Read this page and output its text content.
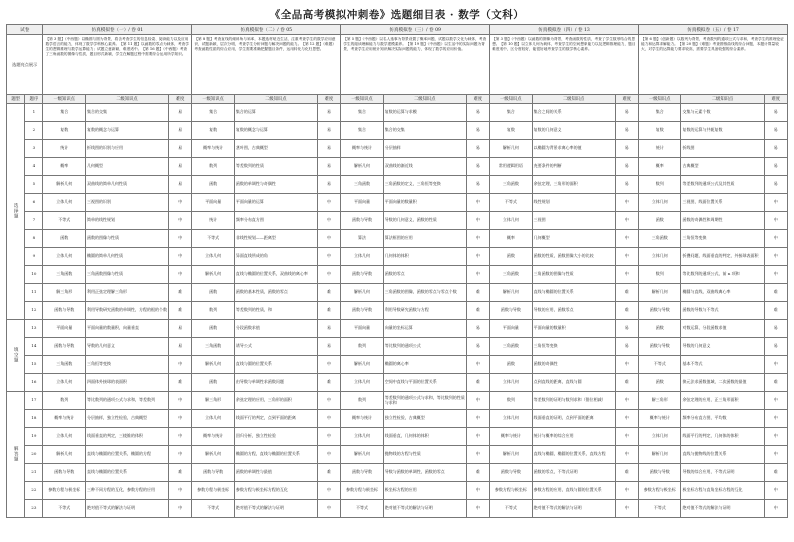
《全品高考模拟冲刺卷》选题细目表 · 数学（文科）
试卷		仿真模拟卷（一）/ 卷 01			仿真模拟卷（二）/ 卷 05			仿真模拟卷（三）/ 卷 09			仿真模拟卷（四）/ 卷 13			仿真模拟卷（五）/ 卷 17		
选题亮点展示		【第 3 题】《中西题》以椭圆与圆为背景，将含考查学生的信息检索、阅读能力以及应用数学语言的能力，体现了数学学科核心素养。【第 11 题】以函数的零点为载体，考查学生的逻辑推理与数学运算能力；试题立意新颖，难度适中。【第 16 题】《中西题》考查了三角函数的图像与性质，题目形式新颖，学生在解题过程中需要综合运用所学知识。			【第 8 题】考查直线的倾斜角与斜率，本题选材贴近生活，注重考查学生的数学应用意识，试题新颖，层次分明，考查学生分析问题与解决问题的能力。【第 12 题】《难题》考查函数性质的综合应用，学生需要准确把握题目条件，运用转化与化归思想。			【第 5 题】《中西题》以名人逸事为背景设置了概率问题，试题以数学文化为载体，考查学生的阅读理解能力与数学建模素养。【第 19 题】《中西题》以生活中的实际问题为背景，考查学生应用统计知识解决实际问题的能力，体现了数学的应用价值。			【第 3 题】《中西题》以函数的图像为背景，考查函数的性质，考查了学生数形结合的思想。【第 10 题】以立体几何为载体，考查学生的空间想象能力以及逻辑推理能力，题目难度适中，区分度较好，能很好地考查学生的数学核心素养。			【第 6 题】《创新题》以数列为背景，考查数列的通项公式与求和，考查学生的推理论证能力和运算求解能力。【第 20 题】《难题》考查圆锥曲线的综合问题，本题计算量较大，对学生的运算能力要求较高，需要学生具备较强的综合素养。		
题型	题序	一级知识点	二级知识点	难度	一级知识点	二级知识点	难度	一级知识点	二级知识点	难度	一级知识点	二级知识点	难度	一级知识点	二级知识点	难度
选择题	1	集合	集合的交集	易	集合	集合的运算	易	集合	复数的运算与求模	易	集合	集合之间的关系	易	集合	交集与元素个数	易
	2	复数	复数的概念与运算	易	复数	复数的概念与运算	易	集合	集合的交集	易	复数	复数的几何意义	易	复数	复数的运算与共轭复数	易
	3	统计	折线图的识别与应用	易	概率与统计	茎叶图，古典概型	易	概率与统计	分层抽样	易	解析几何	以椭圆为背景求离心率的值	易	统计	折线图	易
	4	概率	几何概型	易	数列	等差数列的性质	易	解析几何	双曲线的渐近线	易	常用逻辑用语	充要条件的判断	易	概率	古典概型	易
	5	解析几何	双曲线的简单几何性质	易	函数	函数的单调性与奇偶性	易	三角函数	三角函数的定义，三角恒等变换	易	三角函数	余弦定理，三角形的面积	易	数列	等差数列的通项公式及其性质	易
	6	立体几何	三视图的识别	中	平面向量	平面向量的运算	中	平面向量	平面向量的数量积	中	不等式	线性规划	中	立体几何	三视图，线面位置关系	中
	7	不等式	简单的线性规划	中	统计	频率分布直方图	中	函数与导数	导数的几何意义，函数的性质	中	立体几何	三视图	中	函数	函数的奇偶性和周期性	中
	8	函数	函数的图像与性质	中	不等式	非线性规划——距离型	中	算法	算法框图的应用	中	概率	几何概型	中	三角函数	三角恒等变换	中
	9	立体几何	椭圆的简单几何性质	中	立体几何	异面直线所成的角	中	立体几何	几何体的体积	中	函数	函数的性质，函数图像大小的比较	中	立体几何	折叠问题，线面垂直的判定，外接球表面积	中
	10	三角函数	三角函数图像与性质	中	解析几何	直线与椭圆的位置关系，双曲线的离心率	中	函数与导数	函数的零点	中	三角函数	三角函数的图像与性质	中	数列	等比数列的通项公式，前 n 项和	中
	11	解三角形	利用正弦定理解三角形	难	函数	函数的基本性质，函数的零点	难	解析几何	三角函数的图像，函数的零点与零点个数	难	解析几何	直线与椭圆的位置关系	难	解析几何	椭圆与直线，双曲线离心率	难
	12	函数与导数	利用导数研究函数的单调性，方程的根的个数	难	数列	等差数列的性质，和	难	函数与导数	利用导数研究函数与方程	难	函数与导数	导数的应用，函数零点	难	函数与导数	函数的导数与不等式	难
填空题	13	平面向量	平面向量的数量积，向量垂直	易	函数	分段函数求值	易	平面向量	向量的坐标运算	易	平面向量	平面向量的数量积	易	函数	对数运算，分段函数求值	易
	14	函数与导数	导数的几何意义	易	三角函数	诱导公式	易	数列	等比数列的通项公式	易	三角函数	三角恒等变换	易	函数与导数	导数的几何意义	易
	15	三角函数	三角恒等变换	中	解析几何	直线与圆的位置关系	中	解析几何	椭圆的离心率	中	函数	函数的奇偶性	中	不等式	基本不等式	中
	16	立体几何	四面体外接球的表面积	难	函数	由导数与单调性求函数问题	难	立体几何	空间中直线与平面的位置关系	难	立体几何	点到直线的距离，直线与圆	难	函数	换元法求函数值域，二次函数的最值	难
解答题	17	数列	等比数列的通项公式与求和，等差数列	中	解三角形	余弦定理的应用，三角形的面积	中	数列	等差数列的通项公式与求和，等比数列的性质与求和	中	数列	等差数列的证明与数列求和（错位相减）	中	解三角形	余弦定理的应用，正三角形面积	中
	18	概率与统计	分层抽样，独立性检验，古典概型	中	立体几何	线面平行的判定，点到平面的距离	中	概率与统计	独立性检验，古典概型	中	立体几何	线面垂直的证明，点到平面的距离	中	概率与统计	频率分布直方图，平均数	中
	19	立体几何	线面垂直的判定，三棱锥的体积	中	概率与统计	回归分析，独立性检验	中	立体几何	线面垂直，几何体的体积	中	概率与统计	统计与概率的综合应用	中	立体几何	线面平行的判定，几何体的体积	中
	20	解析几何	直线与椭圆的位置关系，椭圆的方程	中	解析几何	椭圆的方程，直线与椭圆的位置关系	中	解析几何	抛物线的方程与性质	中	解析几何	直线与椭圆，椭圆的位置关系，直线方程	中	解析几何	直线与抛物线的位置关系	中
	21	函数与导数	直线与椭圆的位置关系	难	函数与导数	函数的单调性与最值	难	函数与导数	导数与函数的单调性，函数的零点	难	函数与导数	函数的零点，不等式证明	难	函数与导数	导数的综合应用，不等式证明	难
	22	参数方程与极坐标	三种不同方程的互化，参数方程的应用	中	参数方程与极坐标	参数方程与极坐标方程的互化	中	参数方程与极坐标	极坐标方程的应用	中	参数方程与极坐标	参数方程的应用，直线与圆的位置关系	中	参数方程与极坐标	极坐标方程与直角坐标方程的互化	中
	23	不等式	绝对值不等式的解法与证明	中	不等式	绝对值不等式的解法与证明	中	不等式	绝对值不等式的解法与证明	中	不等式	绝对值不等式的解法与证明	中	不等式	绝对值不等式的解法与证明	中
